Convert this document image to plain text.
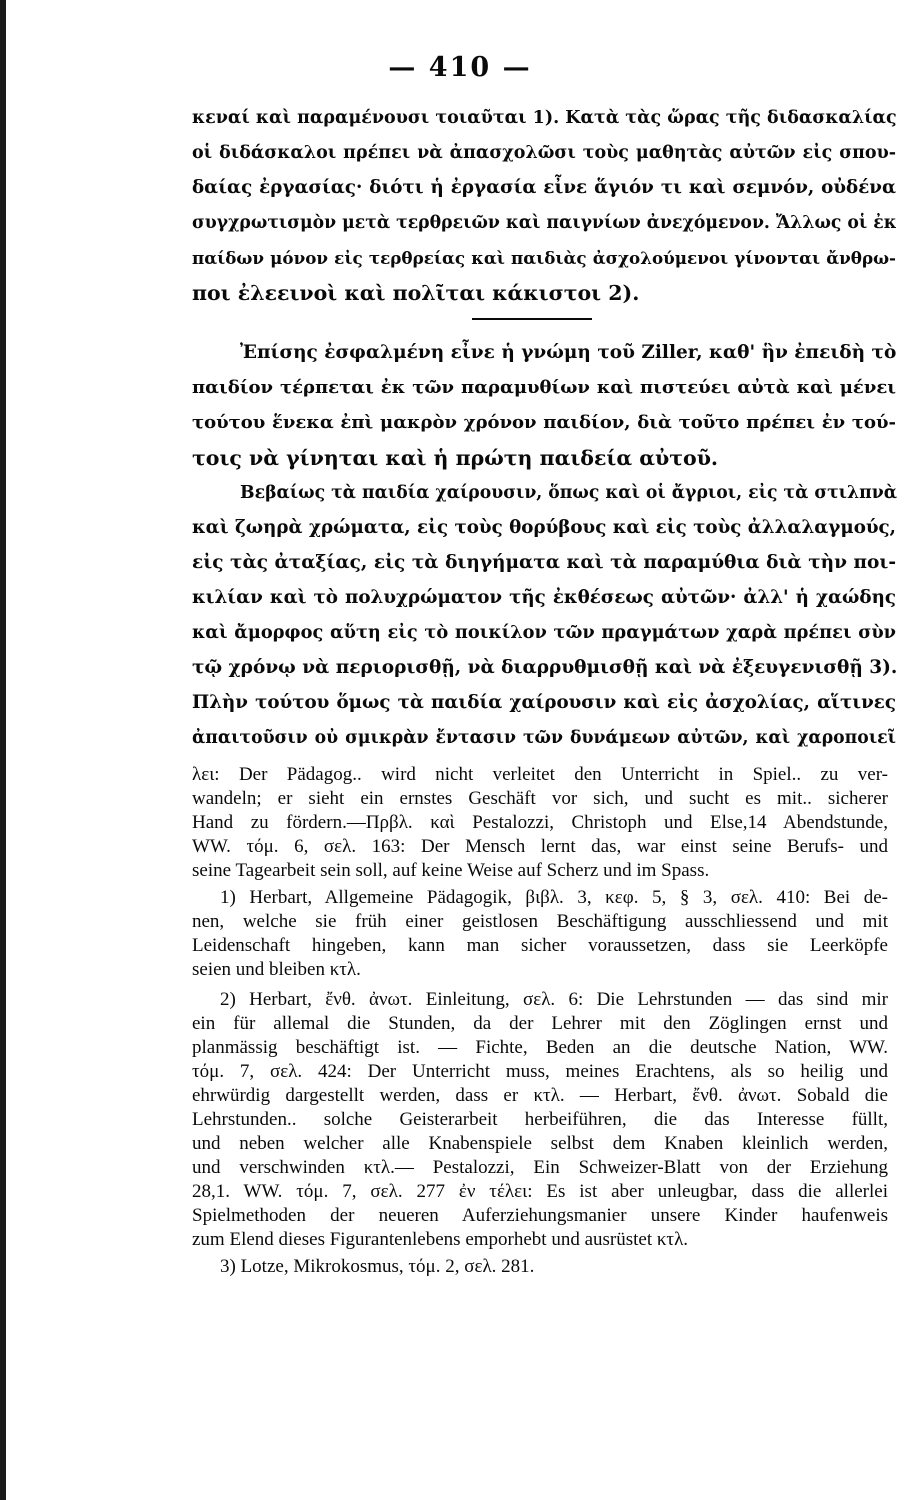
— 410 —
κεναί καὶ παραμένουσι τοιαῦται 1). Κατὰ τὰς ὥρας τῆς διδασκαλίας
οἱ διδάσκαλοι πρέπει νὰ ἀπασχολῶσι τοὺς μαθητὰς αὐτῶν εἰς σπου-
δαίας ἐργασίας· διότι ἡ ἐργασία εἶνε ἅγιόν τι καὶ σεμνόν, οὐδένα
συγχρωτισμὸν μετὰ τερθρειῶν καὶ παιγνίων ἀνεχόμενον. Ἄλλως οἱ ἐκ
παίδων μόνον εἰς τερθρείας καὶ παιδιὰς ἀσχολούμενοι γίνονται ἄνθρω-
ποι ἐλεεινοὶ καὶ πολῖται κάκιστοι 2).
Ἐπίσης ἐσφαλμένη εἶνε ἡ γνώμη τοῦ Ziller, καθ' ἣν ἐπειδὴ τὸ
παιδίον τέρπεται ἐκ τῶν παραμυθίων καὶ πιστεύει αὐτὰ καὶ μένει
τούτου ἕνεκα ἐπὶ μακρὸν χρόνον παιδίον, διὰ τοῦτο πρέπει ἐν τού-
τοις νὰ γίνηται καὶ ἡ πρώτη παιδεία αὐτοῦ.
Βεβαίως τὰ παιδία χαίρουσιν, ὅπως καὶ οἱ ἄγριοι, εἰς τὰ στιλπνὰ
καὶ ζωηρὰ χρώματα, εἰς τοὺς θορύβους καὶ εἰς τοὺς ἀλλαλαγμούς,
εἰς τὰς ἀταξίας, εἰς τὰ διηγήματα καὶ τὰ παραμύθια διὰ τὴν ποι-
κιλίαν καὶ τὸ πολυχρώματον τῆς ἐκθέσεως αὐτῶν· ἀλλ' ἡ χαώδης
καὶ ἄμορφος αὕτη εἰς τὸ ποικίλον τῶν πραγμάτων χαρὰ πρέπει σὺν
τῷ χρόνῳ νὰ περιορισθῇ, νὰ διαρρυθμισθῇ καὶ νὰ ἐξευγενισθῇ 3).
Πλὴν τούτου ὅμως τὰ παιδία χαίρουσιν καὶ εἰς ἀσχολίας, αἵτινες
ἀπαιτοῦσιν οὐ σμικρὰν ἔντασιν τῶν δυνάμεων αὐτῶν, καὶ χαροποιεῖ
λει: Der Pädagog.. wird nicht verleitet den Unterricht in Spiel.. zu ver-
wandeln; er sieht ein ernstes Geschäft vor sich, und sucht es mit.. sicherer
Hand zu fördern.—Πρβλ. καὶ Pestalozzi, Christoph und Else,14 Abendstunde,
WW. τόμ. 6, σελ. 163: Der Mensch lernt das, war einst seine Berufs- und
seine Tagearbeit sein soll, auf keine Weise auf Scherz und im Spass.
1) Herbart, Allgemeine Pädagogik, βιβλ. 3, κεφ. 5, § 3, σελ. 410: Bei de-
nen, welche sie früh einer geistlosen Beschäftigung ausschliessend und mit
Leidenschaft hingeben, kann man sicher voraussetzen, dass sie Leerköpfe
seien und bleiben κτλ.
2) Herbart, ἔνθ. ἀνωτ. Einleitung, σελ. 6: Die Lehrstunden — das sind mir
ein für allemal die Stunden, da der Lehrer mit den Zöglingen ernst und
planmässig beschäftigt ist. — Fichte, Beden an die deutsche Nation, WW.
τόμ. 7, σελ. 424: Der Unterricht muss, meines Erachtens, als so heilig und
ehrwürdig dargestellt werden, dass er κτλ. — Herbart, ἔνθ. ἀνωτ. Sobald die
Lehrstunden.. solche Geisterarbeit herbeiführen, die das Interesse füllt,
und neben welcher alle Knabenspiele selbst dem Knaben kleinlich werden,
und verschwinden κτλ.— Pestalozzi, Ein Schweizer-Blatt von der Erziehung
28,1. WW. τόμ. 7, σελ. 277 ἐν τέλει: Es ist aber unleugbar, dass die allerlei
Spielmethoden der neueren Auferziehungsmanier unsere Kinder haufenweis
zum Elend dieses Figurantenlebens emporhebt und ausrüstet κτλ.
3) Lotze, Mikrokosmus, τόμ. 2, σελ. 281.
